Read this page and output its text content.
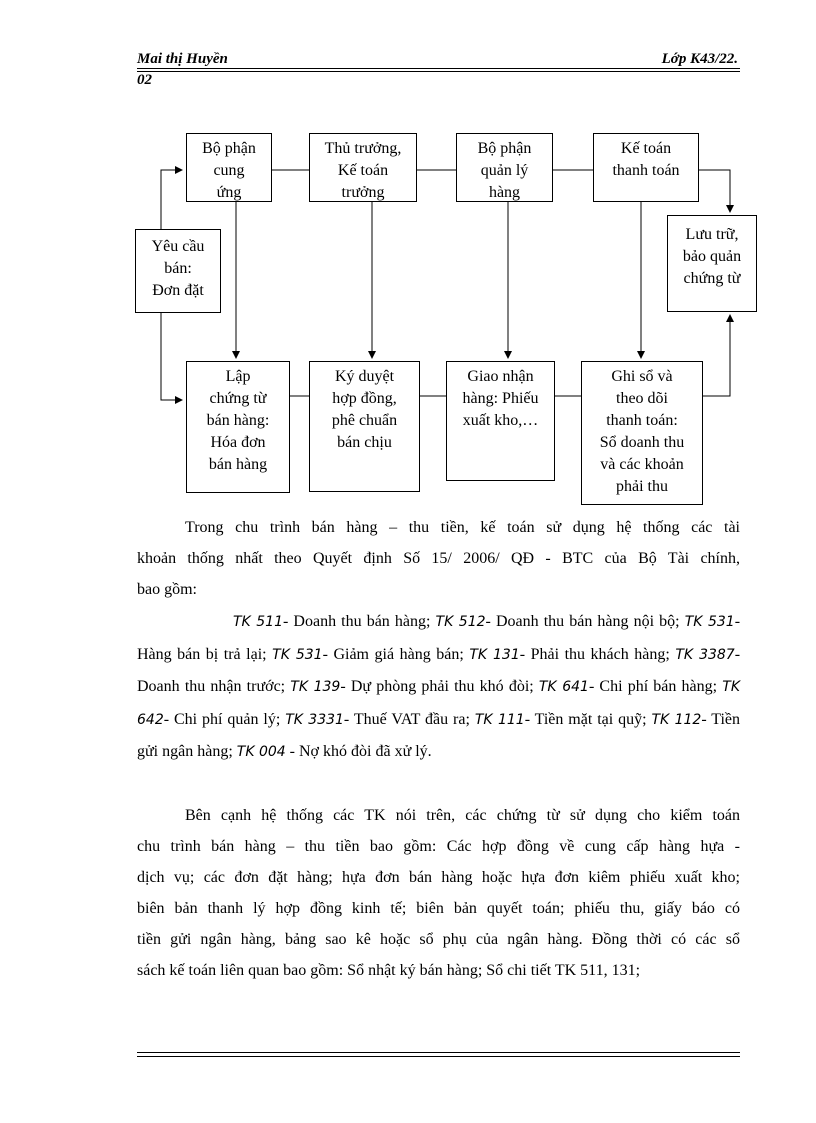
Mai thị Huyền	Lớp K43/22.
02
Bộ phận
cung
ứng
Thủ trưởng,
Kế toán
trưởng
Bộ phận
quản lý
hàng
Kế toán
thanh toán
Yêu cầu
bán:
Đơn đặt
Lưu trữ,
bảo quản
chứng từ
Lập
chứng từ
bán hàng:
Hóa đơn
bán hàng
Ký duyệt
hợp đồng,
phê chuẩn
bán chịu
Giao nhận
hàng: Phiếu
xuất kho,…
Ghi sổ và
theo dõi
thanh toán:
Sổ doanh thu
và các khoản
phải thu
Trong chu trình bán hàng – thu tiền, kế toán sử dụng hệ thống các tài
khoản thống nhất theo Quyết định Số 15/ 2006/ QĐ - BTC của Bộ Tài chính,
bao gồm:
TK 511- Doanh thu bán hàng; TK 512- Doanh thu bán hàng nội bộ; TK 531- Hàng bán bị trả lại; TK 531- Giảm giá hàng bán; TK 131- Phải thu khách hàng; TK 3387- Doanh thu nhận trước; TK 139- Dự phòng phải thu khó đòi; TK 641- Chi phí bán hàng; TK 642- Chi phí quản lý; TK 3331- Thuế VAT đầu ra; TK 111- Tiền mặt tại quỹ; TK 112- Tiền gửi ngân hàng; TK 004 - Nợ khó đòi đã xử lý.
Bên cạnh hệ thống các TK nói trên, các chứng từ sử dụng cho kiểm toán
chu trình bán hàng – thu tiền bao gồm: Các hợp đồng về cung cấp hàng hựa -
dịch vụ; các đơn đặt hàng; hựa đơn bán hàng hoặc hựa đơn kiêm phiếu xuất kho;
biên bản thanh lý hợp đồng kinh tế; biên bản quyết toán; phiếu thu, giấy báo có
tiền gửi ngân hàng, bảng sao kê hoặc sổ phụ của ngân hàng. Đồng thời có các sổ
sách kế toán liên quan bao gồm: Sổ nhật ký bán hàng; Sổ chi tiết TK 511, 131;
